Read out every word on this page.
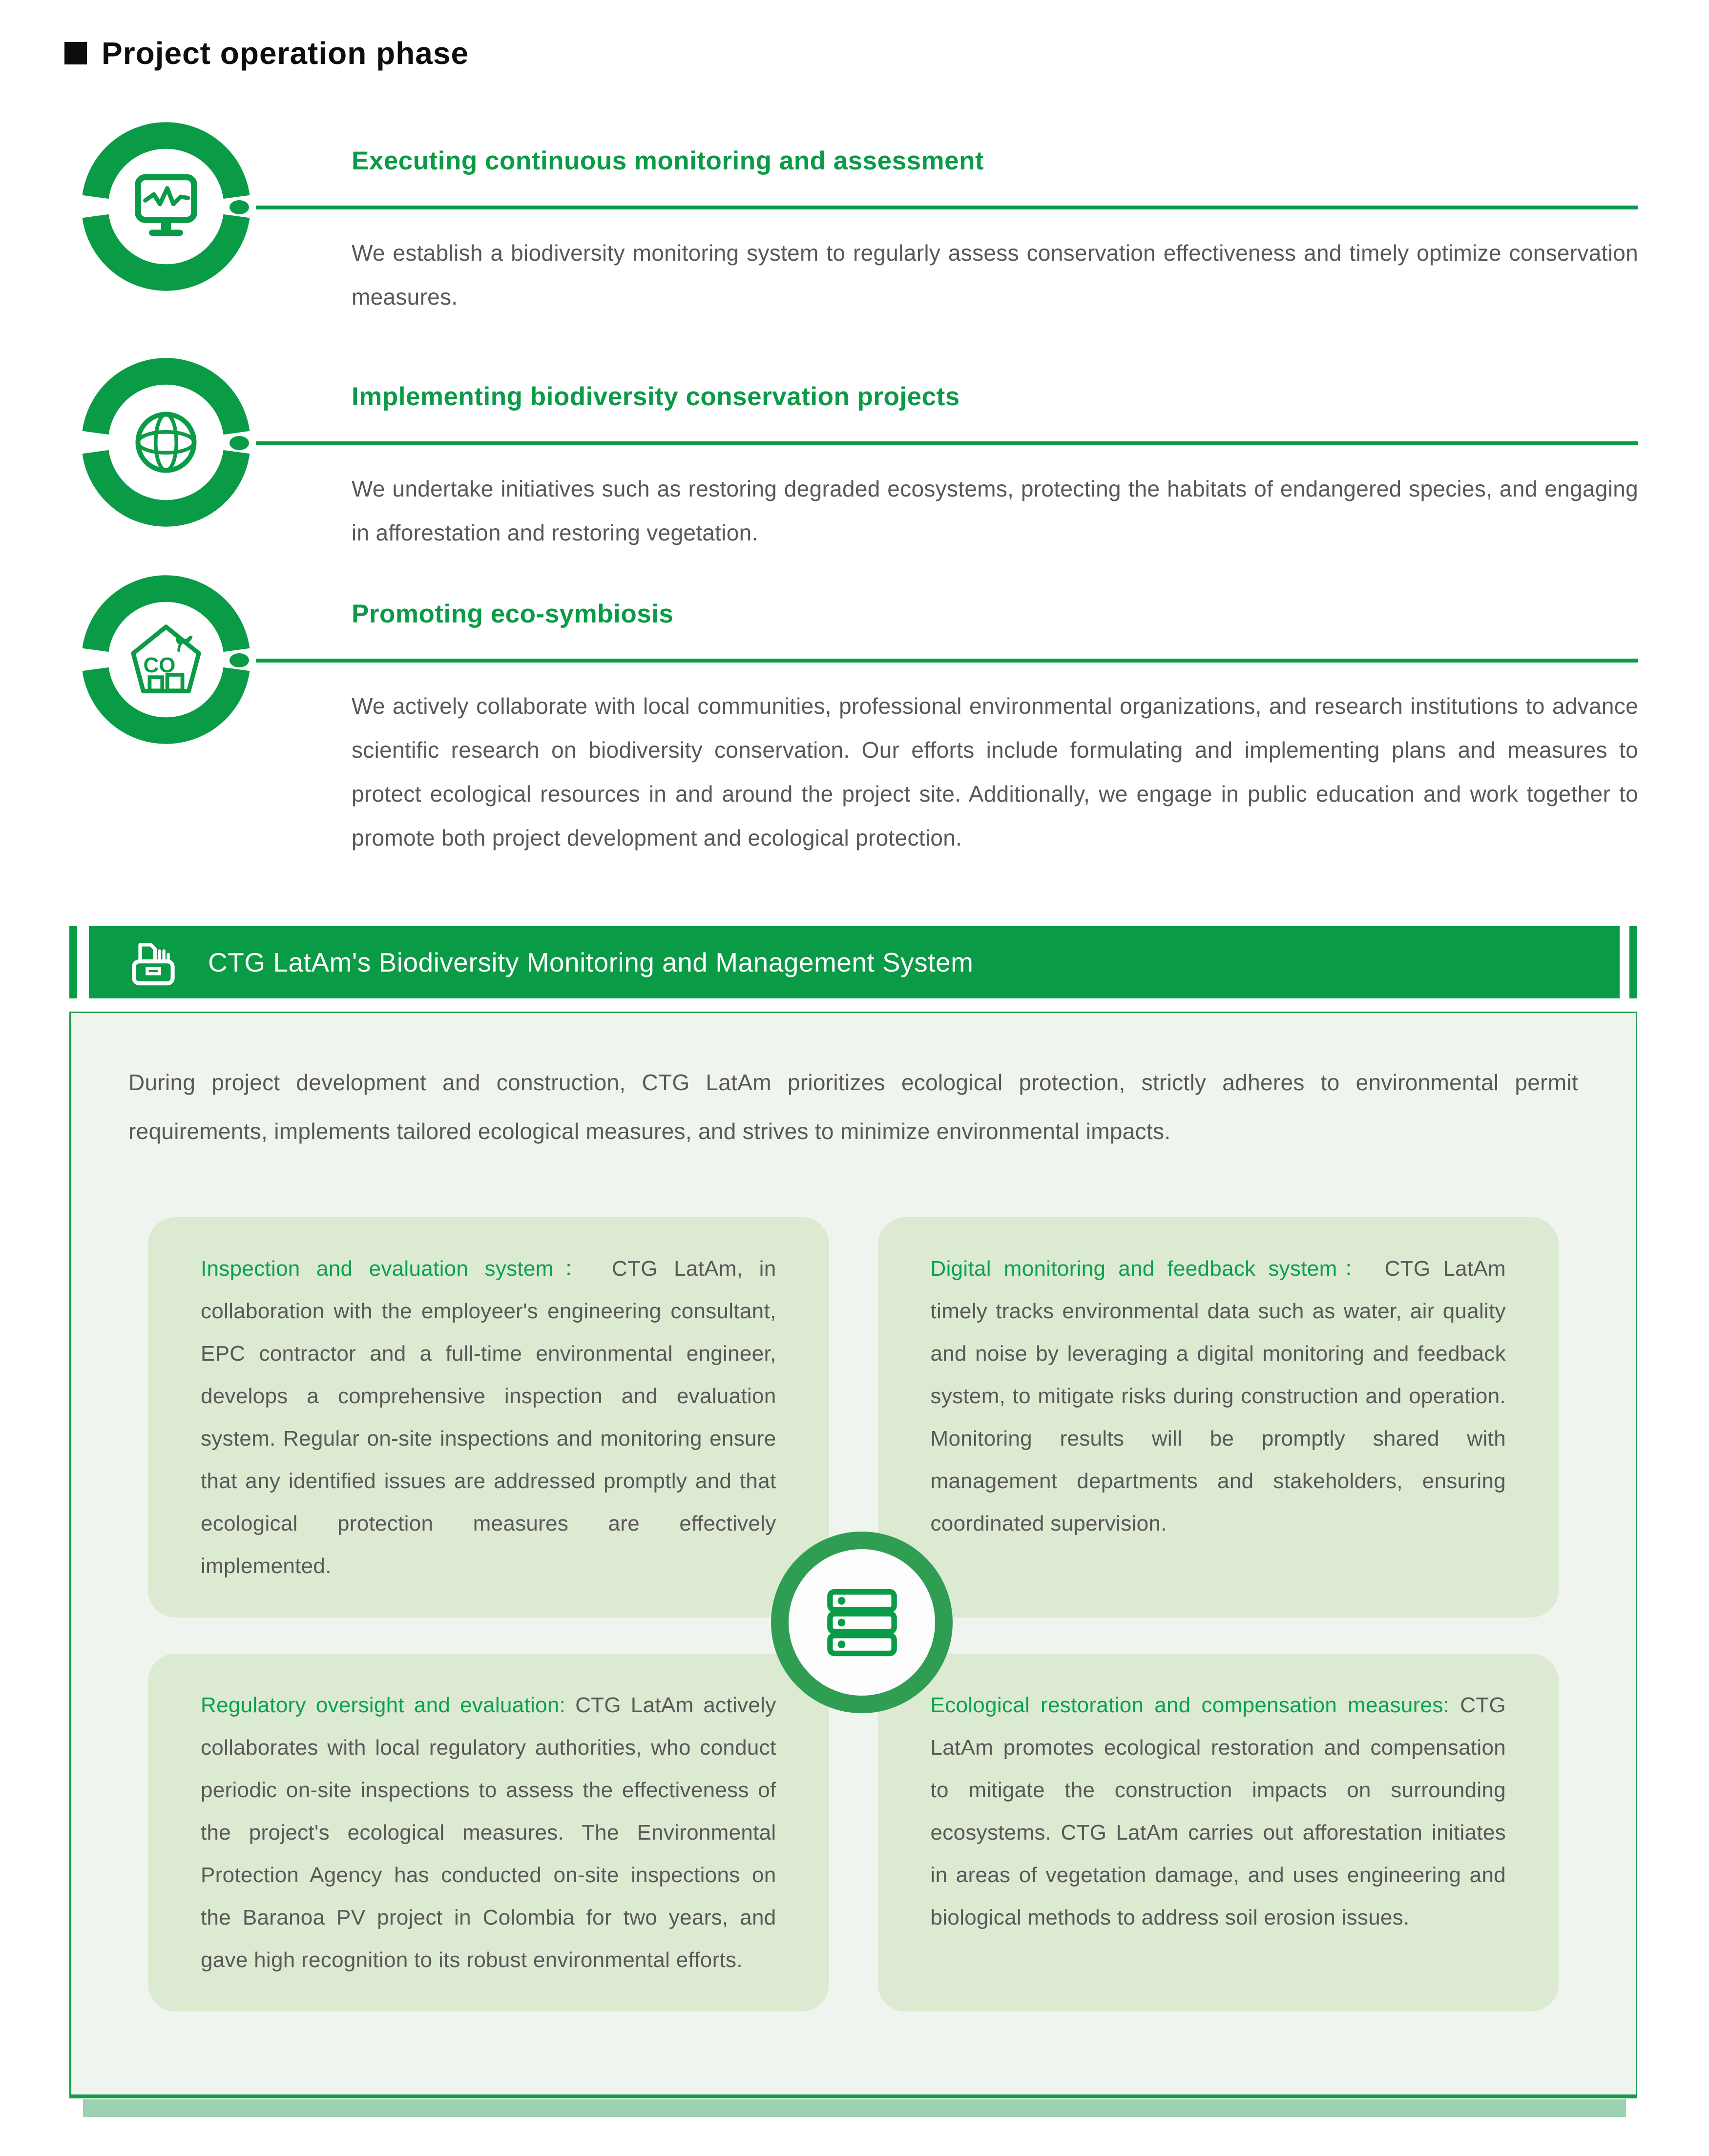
Project operation phase
Executing continuous monitoring and assessment

We establish a biodiversity monitoring system to regularly assess conservation effectiveness and timely optimize conservation measures.

Implementing biodiversity conservation projects

We undertake initiatives such as restoring degraded ecosystems, protecting the habitats of endangered species, and engaging in afforestation and restoring vegetation.

CO
Promoting eco-symbiosis

We actively collaborate with local communities, professional environmental organizations, and research institutions to advance scientific research on biodiversity conservation. Our efforts include formulating and implementing plans and measures to protect ecological resources in and around the project site. Additionally, we engage in public education and work together to promote both project development and ecological protection.

CTG LatAm's Biodiversity Monitoring and Management System

During project development and construction, CTG LatAm prioritizes ecological protection, strictly adheres to environmental permit requirements, implements tailored ecological measures, and strives to minimize environmental impacts.

Inspection and evaluation system： CTG LatAm, in collaboration with the employeer's engineering consultant, EPC contractor and a full-time environmental engineer, develops a comprehensive inspection and evaluation system. Regular on-site inspections and monitoring ensure that any identified issues are addressed promptly and that ecological protection measures are effectively implemented.
Digital monitoring and feedback system： CTG LatAm timely tracks environmental data such as water, air quality and noise by leveraging a digital monitoring and feedback system, to mitigate risks during construction and operation. Monitoring results will be promptly shared with management departments and stakeholders, ensuring coordinated supervision.
Regulatory oversight and evaluation: CTG LatAm actively collaborates with local regulatory authorities, who conduct periodic on-site inspections to assess the effectiveness of the project's ecological measures. The Environmental Protection Agency has conducted on-site inspections on the Baranoa PV project in Colombia for two years, and gave high recognition to its robust environmental efforts.
Ecological restoration and compensation measures: CTG LatAm promotes ecological restoration and compensation to mitigate the construction impacts on surrounding ecosystems. CTG LatAm carries out afforestation initiates in areas of vegetation damage, and uses engineering and biological methods to address soil erosion issues.
